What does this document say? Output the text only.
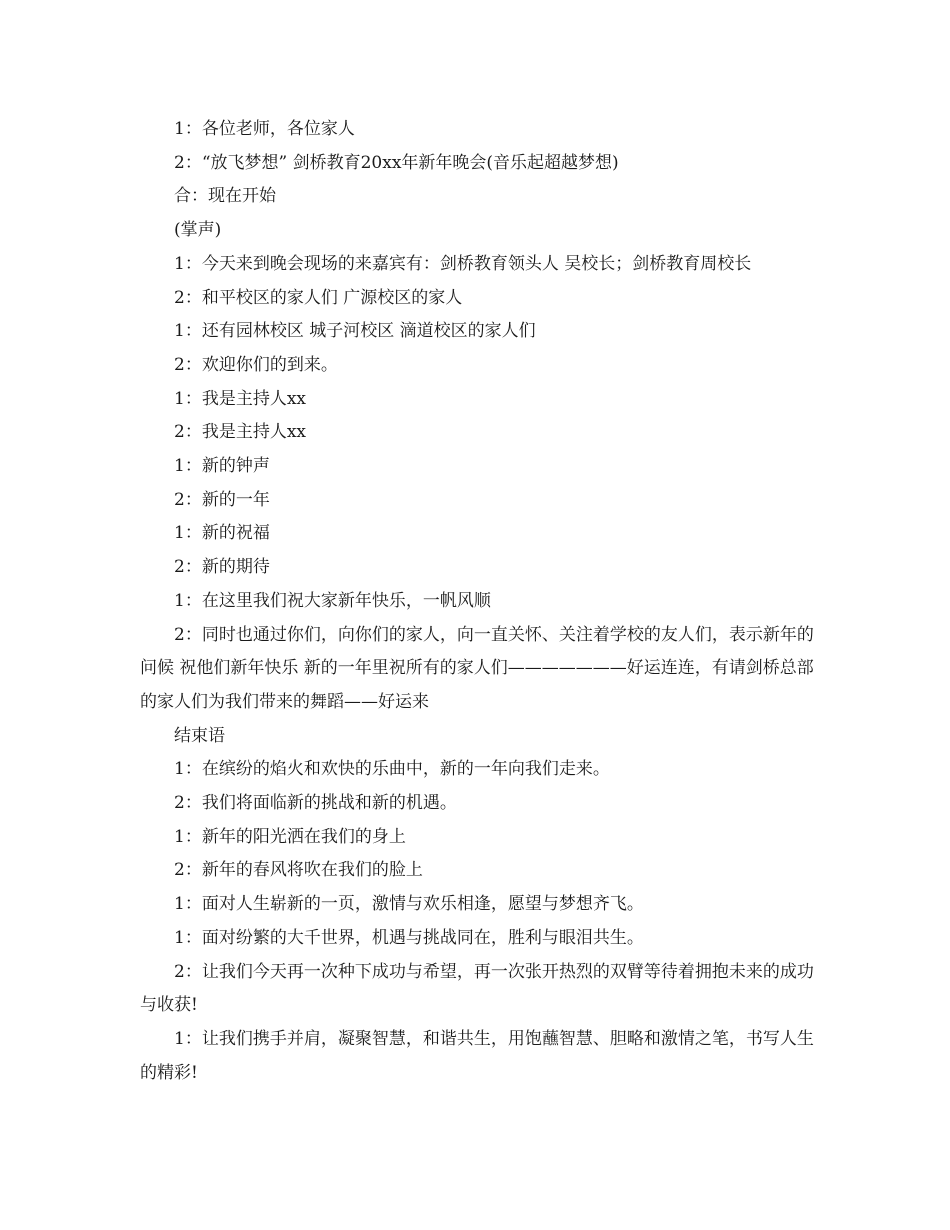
1：各位老师，各位家人

2：“放飞梦想” 剑桥教育20xx年新年晚会(音乐起超越梦想)

合：现在开始

(掌声)

1：今天来到晚会现场的来嘉宾有：剑桥教育领头人 吴校长；剑桥教育周校长

2：和平校区的家人们 广源校区的家人

1：还有园林校区 城子河校区 滴道校区的家人们

2：欢迎你们的到来。

1：我是主持人xx

2：我是主持人xx

1：新的钟声

2：新的一年

1：新的祝福

2：新的期待

1：在这里我们祝大家新年快乐，一帆风顺

2：同时也通过你们，向你们的家人，向一直关怀、关注着学校的友人们，表示新年的问候 祝他们新年快乐 新的一年里祝所有的家人们———————好运连连，有请剑桥总部的家人们为我们带来的舞蹈——好运来

结束语

1：在缤纷的焰火和欢快的乐曲中，新的一年向我们走来。

2：我们将面临新的挑战和新的机遇。

1：新年的阳光洒在我们的身上

2：新年的春风将吹在我们的脸上

1：面对人生崭新的一页，激情与欢乐相逢，愿望与梦想齐飞。

1：面对纷繁的大千世界，机遇与挑战同在，胜利与眼泪共生。

2：让我们今天再一次种下成功与希望，再一次张开热烈的双臂等待着拥抱未来的成功与收获!

1：让我们携手并肩，凝聚智慧，和谐共生，用饱蘸智慧、胆略和激情之笔，书写人生的精彩!
